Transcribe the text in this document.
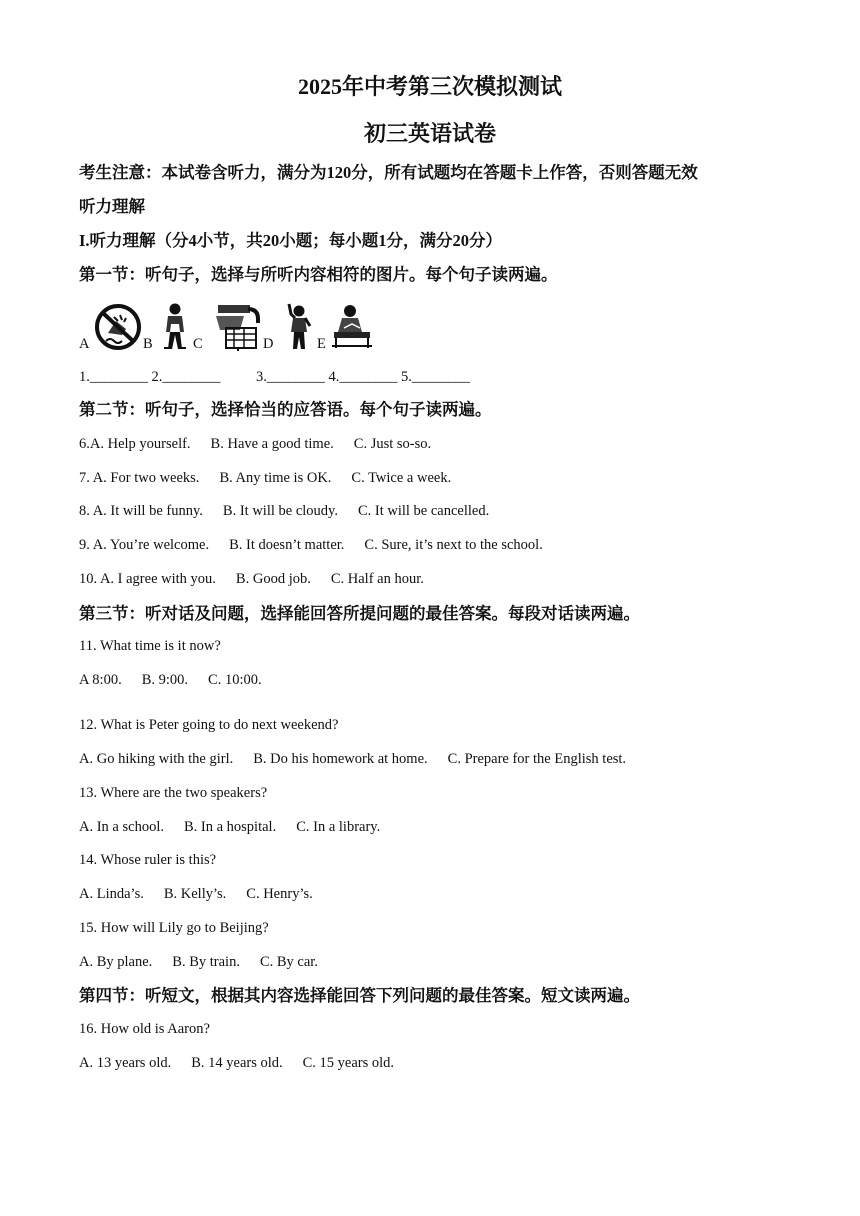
2025年中考第三次模拟测试
初三英语试卷
考生注意：本试卷含听力，满分为120分，所有试题均在答题卡上作答，否则答题无效
听力理解
I.听力理解（分4小节，共20小题；每小题1分，满分20分）
第一节：听句子，选择与所听内容相符的图片。每个句子读两遍。
A	B	C	D	E
1.________ 2.________ 3.________ 4.________ 5.________
第二节：听句子，选择恰当的应答语。每个句子读两遍。
6.A. Help yourself. B. Have a good time. C. Just so-so.
7. A. For two weeks. B. Any time is OK. C. Twice a week.
8. A. It will be funny. B. It will be cloudy. C. It will be cancelled.
9. A. You’re welcome. B. It doesn’t matter. C. Sure, it’s next to the school.
10. A. I agree with you. B. Good job. C. Half an hour.
第三节：听对话及问题，选择能回答所提问题的最佳答案。每段对话读两遍。
11. What time is it now?
A 8:00. B. 9:00. C. 10:00.
12. What is Peter going to do next weekend?
A. Go hiking with the girl. B. Do his homework at home. C. Prepare for the English test.
13. Where are the two speakers?
A. In a school. B. In a hospital. C. In a library.
14. Whose ruler is this?
A. Linda’s. B. Kelly’s. C. Henry’s.
15. How will Lily go to Beijing?
A. By plane. B. By train. C. By car.
第四节：听短文，根据其内容选择能回答下列问题的最佳答案。短文读两遍。
16. How old is Aaron?
A. 13 years old. B. 14 years old. C. 15 years old.
